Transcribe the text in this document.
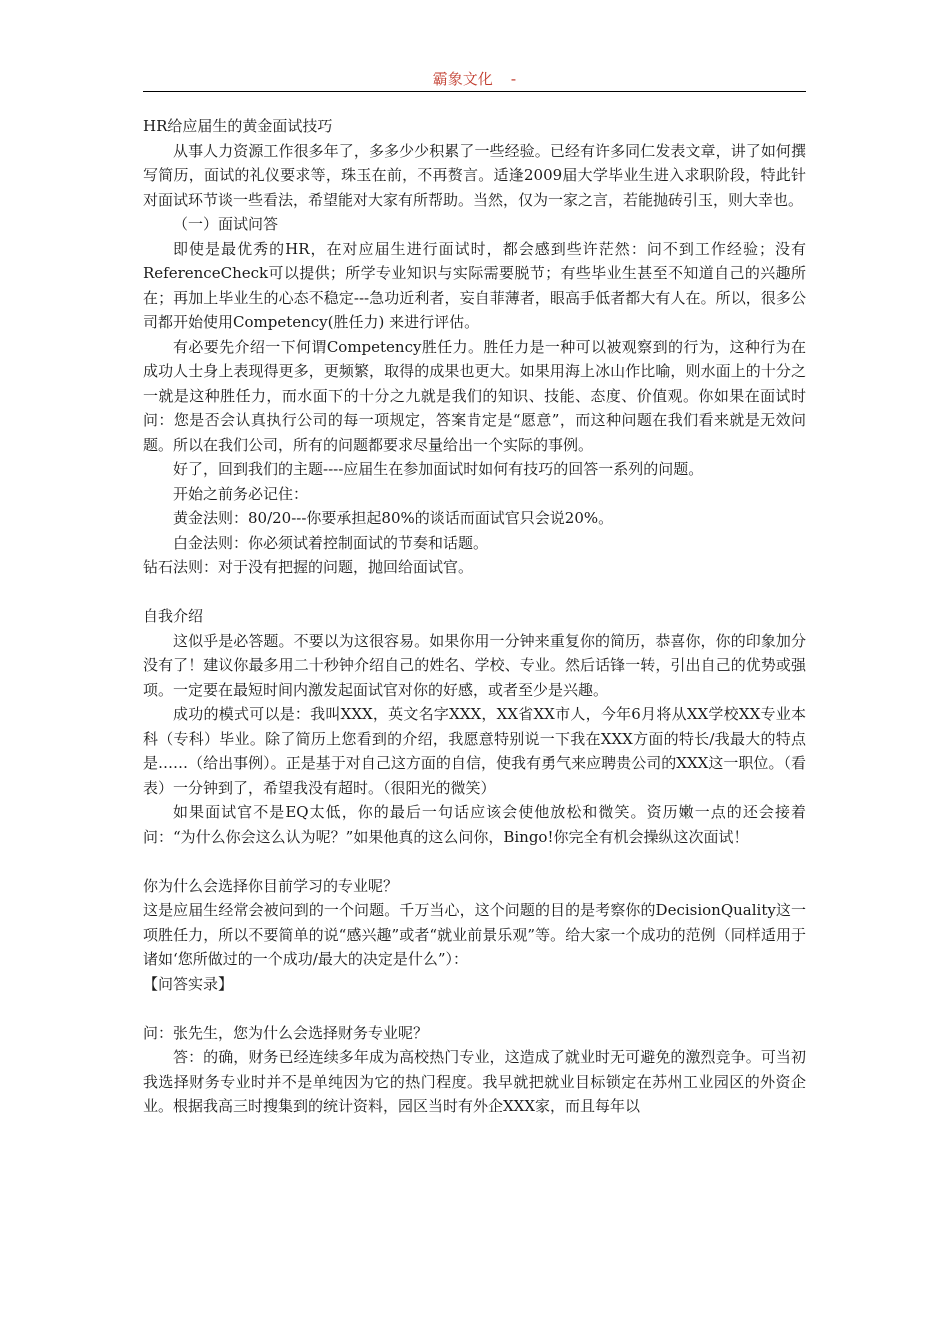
霸象文化 -

HR给应届生的黄金面试技巧

从事人力资源工作很多年了，多多少少积累了一些经验。已经有许多同仁发表文章，讲了如何撰写简历，面试的礼仪要求等，珠玉在前，不再赘言。适逢2009届大学毕业生进入求职阶段，特此针对面试环节谈一些看法，希望能对大家有所帮助。当然，仅为一家之言，若能抛砖引玉，则大幸也。

（一）面试问答

即使是最优秀的HR，在对应届生进行面试时，都会感到些许茫然：问不到工作经验；没有ReferenceCheck可以提供；所学专业知识与实际需要脱节；有些毕业生甚至不知道自己的兴趣所在；再加上毕业生的心态不稳定---急功近利者，妄自菲薄者，眼高手低者都大有人在。所以，很多公司都开始使用Competency(胜任力) 来进行评估。

有必要先介绍一下何谓Competency胜任力。胜任力是一种可以被观察到的行为，这种行为在成功人士身上表现得更多，更频繁，取得的成果也更大。如果用海上冰山作比喻，则水面上的十分之一就是这种胜任力，而水面下的十分之九就是我们的知识、技能、态度、价值观。你如果在面试时问：您是否会认真执行公司的每一项规定，答案肯定是“愿意”，而这种问题在我们看来就是无效问题。所以在我们公司，所有的问题都要求尽量给出一个实际的事例。

好了，回到我们的主题----应届生在参加面试时如何有技巧的回答一系列的问题。

开始之前务必记住：

黄金法则：80/20---你要承担起80%的谈话而面试官只会说20%。

白金法则：你必须试着控制面试的节奏和话题。

钻石法则：对于没有把握的问题，抛回给面试官。

自我介绍

这似乎是必答题。不要以为这很容易。如果你用一分钟来重复你的简历，恭喜你，你的印象加分没有了！建议你最多用二十秒钟介绍自己的姓名、学校、专业。然后话锋一转，引出自己的优势或强项。一定要在最短时间内激发起面试官对你的好感，或者至少是兴趣。

成功的模式可以是：我叫XXX，英文名字XXX，XX省XX市人，今年6月将从XX学校XX专业本科（专科）毕业。除了简历上您看到的介绍，我愿意特别说一下我在XXX方面的特长/我最大的特点是……（给出事例）。正是基于对自己这方面的自信，使我有勇气来应聘贵公司的XXX这一职位。（看表）一分钟到了，希望我没有超时。（很阳光的微笑）

如果面试官不是EQ太低，你的最后一句话应该会使他放松和微笑。资历嫩一点的还会接着问：“为什么你会这么认为呢？”如果他真的这么问你，Bingo!你完全有机会操纵这次面试！

你为什么会选择你目前学习的专业呢？

这是应届生经常会被问到的一个问题。千万当心，这个问题的目的是考察你的DecisionQuality这一项胜任力，所以不要简单的说“感兴趣”或者“就业前景乐观”等。给大家一个成功的范例（同样适用于诸如‘您所做过的一个成功/最大的决定是什么”）：

【问答实录】

问：张先生，您为什么会选择财务专业呢？

答：的确，财务已经连续多年成为高校热门专业，这造成了就业时无可避免的激烈竞争。可当初我选择财务专业时并不是单纯因为它的热门程度。我早就把就业目标锁定在苏州工业园区的外资企业。根据我高三时搜集到的统计资料，园区当时有外企XXX家，而且每年以
